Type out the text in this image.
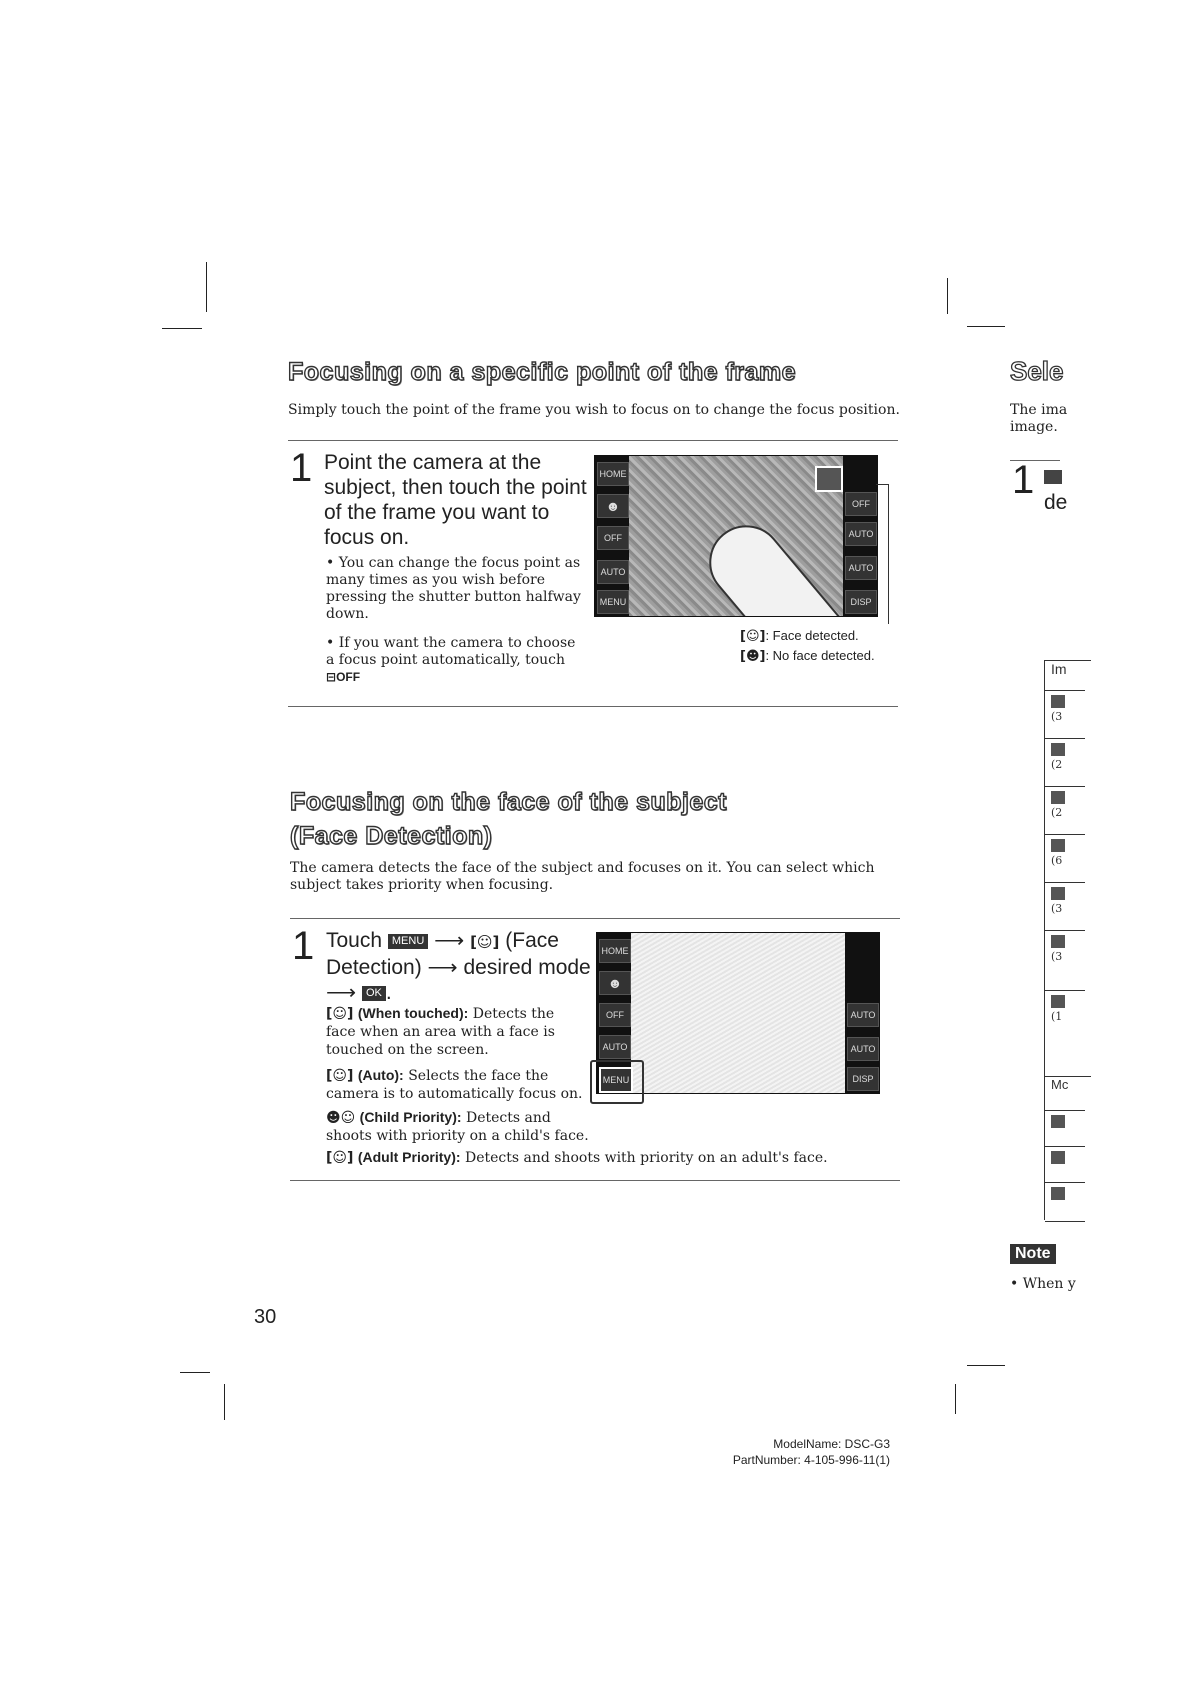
Focusing on a specific point of the frame
Simply touch the point of the frame you wish to focus on to change the focus position.
1 Point the camera at the subject, then touch the point of the frame you want to focus on.
• You can change the focus point as many times as you wish before pressing the shutter button halfway down.
• If you want the camera to choose a focus point automatically, touch ⊟OFF
HOME
☻
OFF
AUTO
MENU
OFF
AUTO
AUTO
DISP
[☺]: Face detected.
[☻]: No face detected.
Focusing on the face of the subject
(Face Detection)
The camera detects the face of the subject and focuses on it. You can select which subject takes priority when focusing.
1 Touch MENU ⟶ [☺] (Face
Detection) ⟶ desired mode
⟶ OK .
[☺] (When touched): Detects the face when an area with a face is touched on the screen.
[☺] (Auto): Selects the face the camera is to automatically focus on.
☻☺ (Child Priority): Detects and shoots with priority on a child's face.
[☺] (Adult Priority): Detects and shoots with priority on an adult's face.
HOME
☻
OFF
AUTO
MENU
AUTO
AUTO
DISP
30
ModelName: DSC-G3
PartNumber: 4-105-996-11(1)
Sele
The ima
image.
1
de
Im
(3
(2
(2
(6
(3
(3
(1
Mc
Note
• When y
